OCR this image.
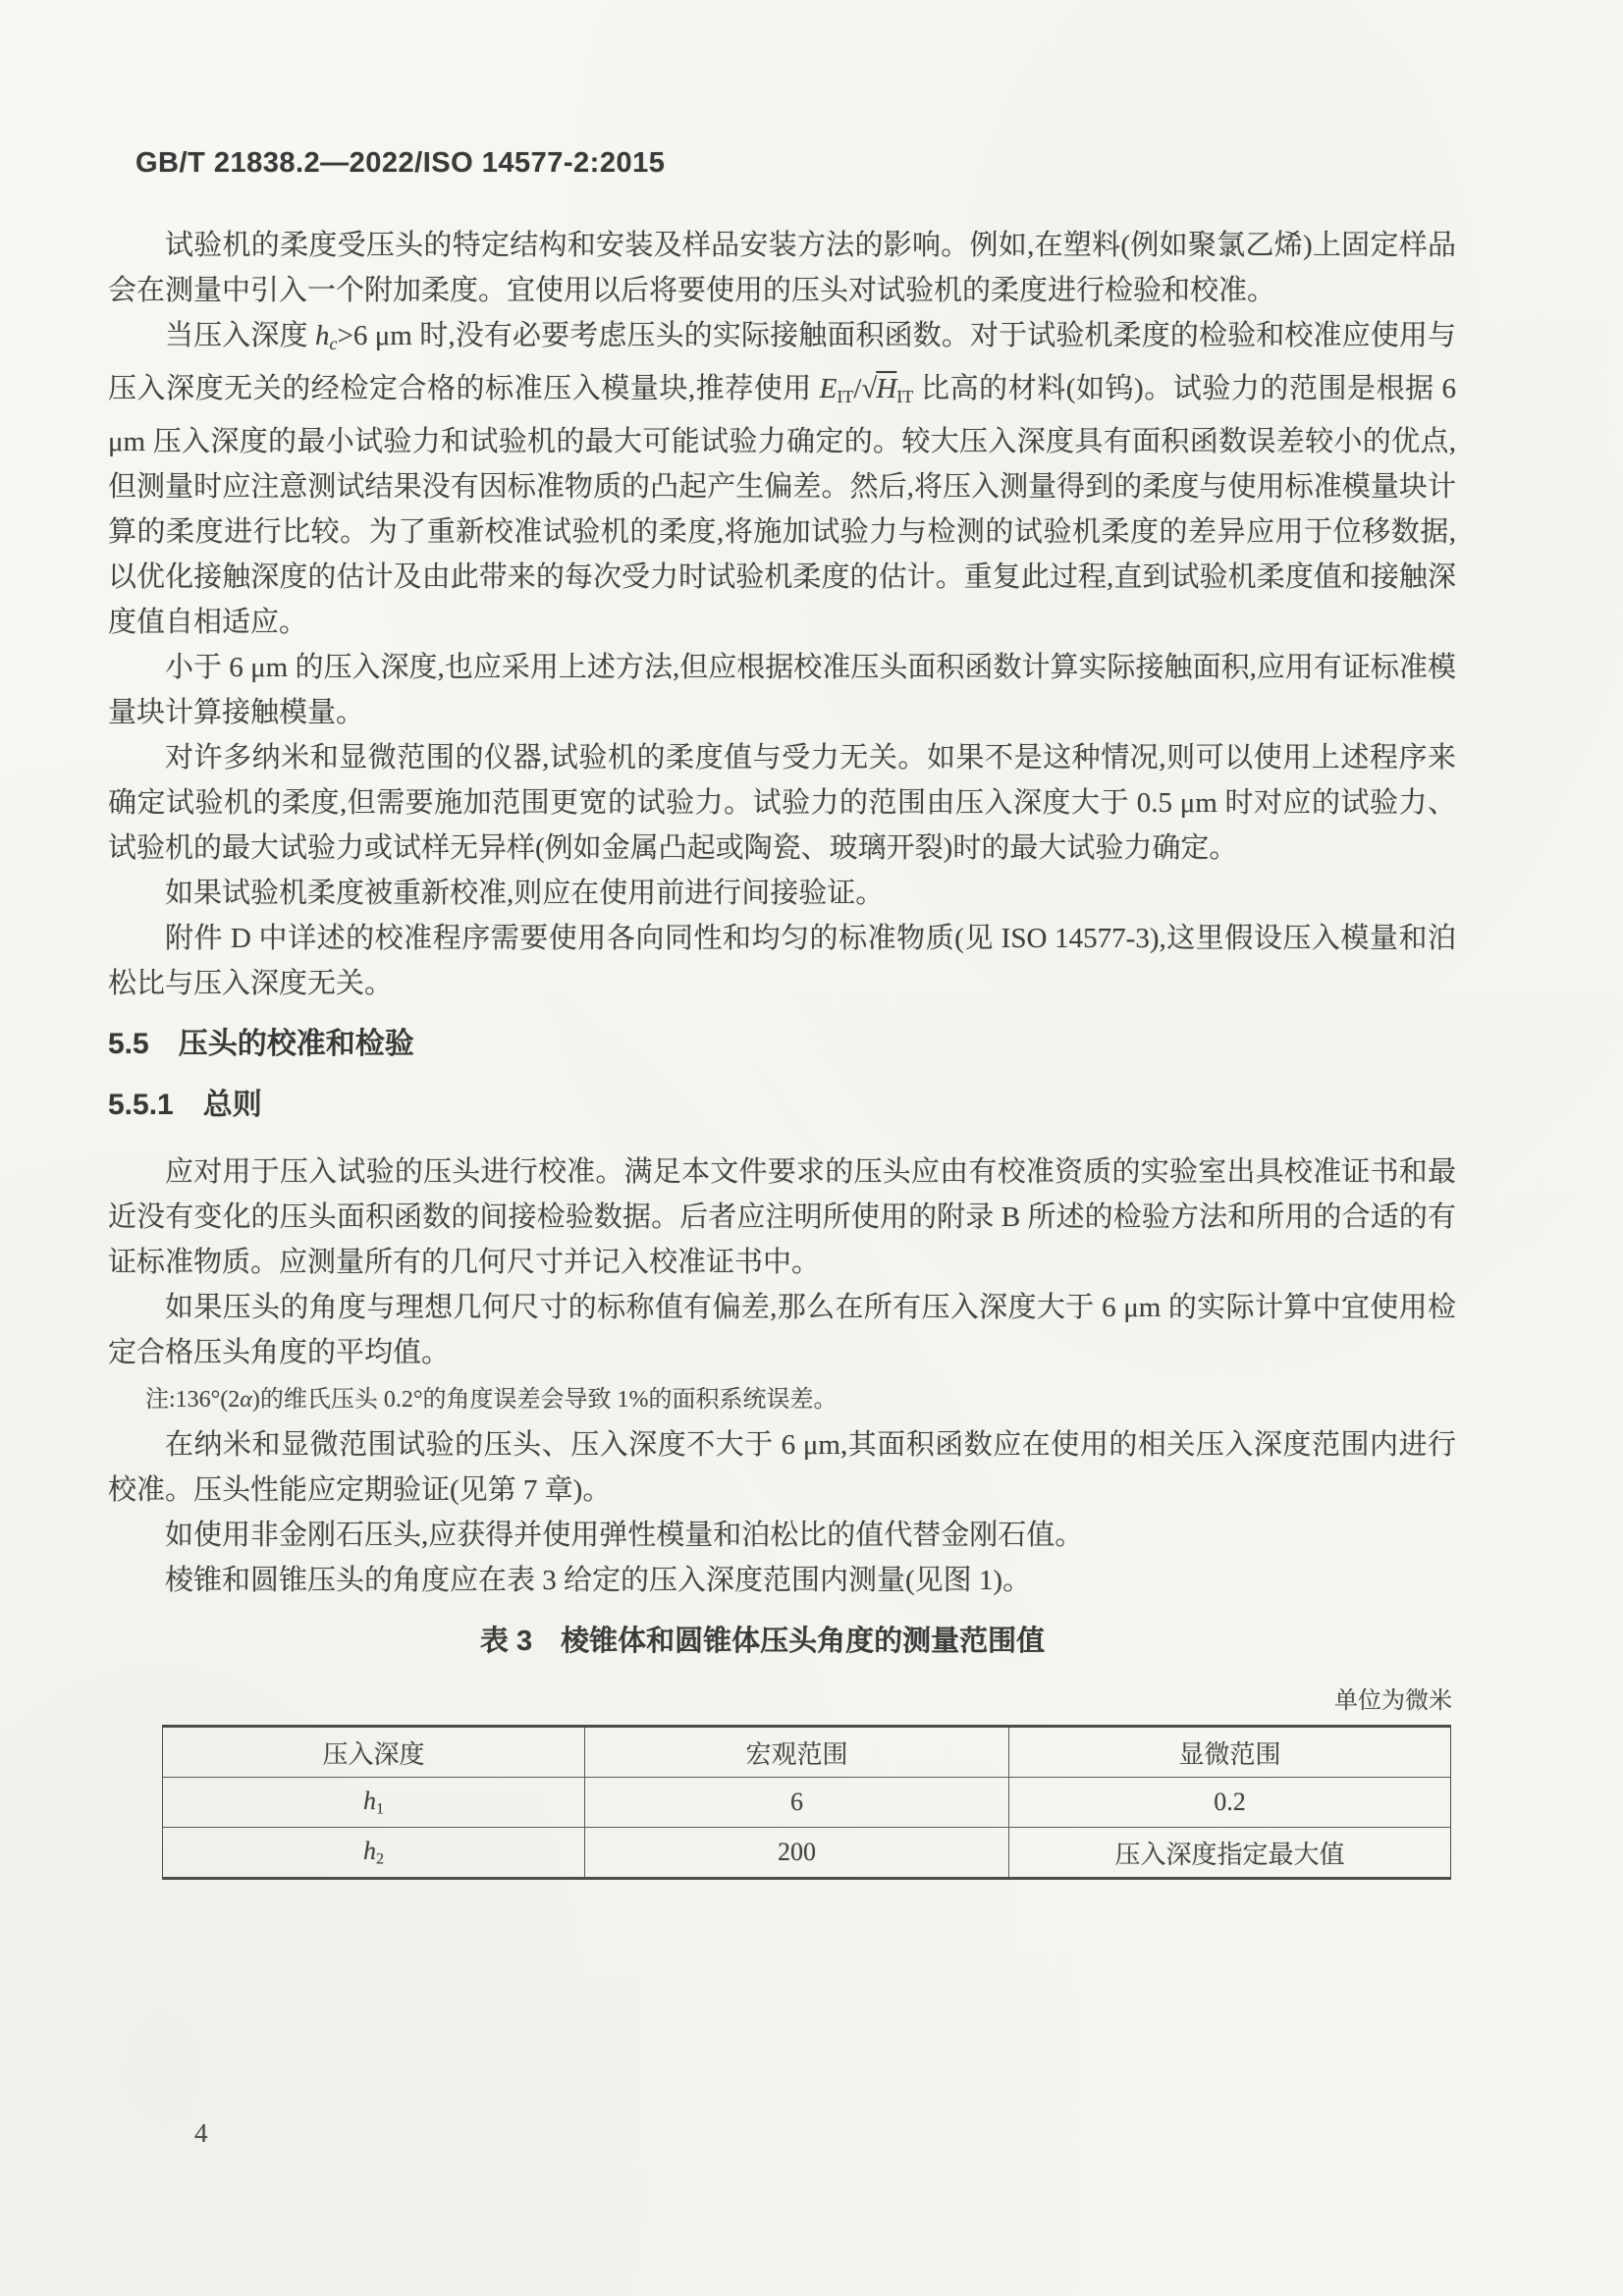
GB/T 21838.2—2022/ISO 14577-2:2015

试验机的柔度受压头的特定结构和安装及样品安装方法的影响。例如,在塑料(例如聚氯乙烯)上固定样品会在测量中引入一个附加柔度。宜使用以后将要使用的压头对试验机的柔度进行检验和校准。

当压入深度 $h_c>6$ μm 时,没有必要考虑压头的实际接触面积函数。对于试验机柔度的检验和校准应使用与压入深度无关的经检定合格的标准压入模量块,推荐使用 $E_{IT}/√H_{IT}$ 比高的材料(如钨)。试验力的范围是根据 6 μm 压入深度的最小试验力和试验机的最大可能试验力确定的。较大压入深度具有面积函数误差较小的优点,但测量时应注意测试结果没有因标准物质的凸起产生偏差。然后,将压入测量得到的柔度与使用标准模量块计算的柔度进行比较。为了重新校准试验机的柔度,将施加试验力与检测的试验机柔度的差异应用于位移数据,以优化接触深度的估计及由此带来的每次受力时试验机柔度的估计。重复此过程,直到试验机柔度值和接触深度值自相适应。

小于 6 μm 的压入深度,也应采用上述方法,但应根据校准压头面积函数计算实际接触面积,应用有证标准模量块计算接触模量。

对许多纳米和显微范围的仪器,试验机的柔度值与受力无关。如果不是这种情况,则可以使用上述程序来确定试验机的柔度,但需要施加范围更宽的试验力。试验力的范围由压入深度大于 0.5 μm 时对应的试验力、试验机的最大试验力或试样无异样(例如金属凸起或陶瓷、玻璃开裂)时的最大试验力确定。

如果试验机柔度被重新校准,则应在使用前进行间接验证。

附件 D 中详述的校准程序需要使用各向同性和均匀的标准物质(见 ISO 14577-3),这里假设压入模量和泊松比与压入深度无关。

5.5　压头的校准和检验
5.5.1　总则

应对用于压入试验的压头进行校准。满足本文件要求的压头应由有校准资质的实验室出具校准证书和最近没有变化的压头面积函数的间接检验数据。后者应注明所使用的附录 B 所述的检验方法和所用的合适的有证标准物质。应测量所有的几何尺寸并记入校准证书中。

如果压头的角度与理想几何尺寸的标称值有偏差,那么在所有压入深度大于 6 μm 的实际计算中宜使用检定合格压头角度的平均值。

注:136°(2α)的维氏压头 0.2°的角度误差会导致 1%的面积系统误差。

在纳米和显微范围试验的压头、压入深度不大于 6 μm,其面积函数应在使用的相关压入深度范围内进行校准。压头性能应定期验证(见第 7 章)。

如使用非金刚石压头,应获得并使用弹性模量和泊松比的值代替金刚石值。

棱锥和圆锥压头的角度应在表 3 给定的压入深度范围内测量(见图 1)。

表 3　棱锥体和圆锥体压头角度的测量范围值
单位为微米
压入深度	宏观范围	显微范围
$h_1$	6	0.2
$h_2$	200	压入深度指定最大值
4
